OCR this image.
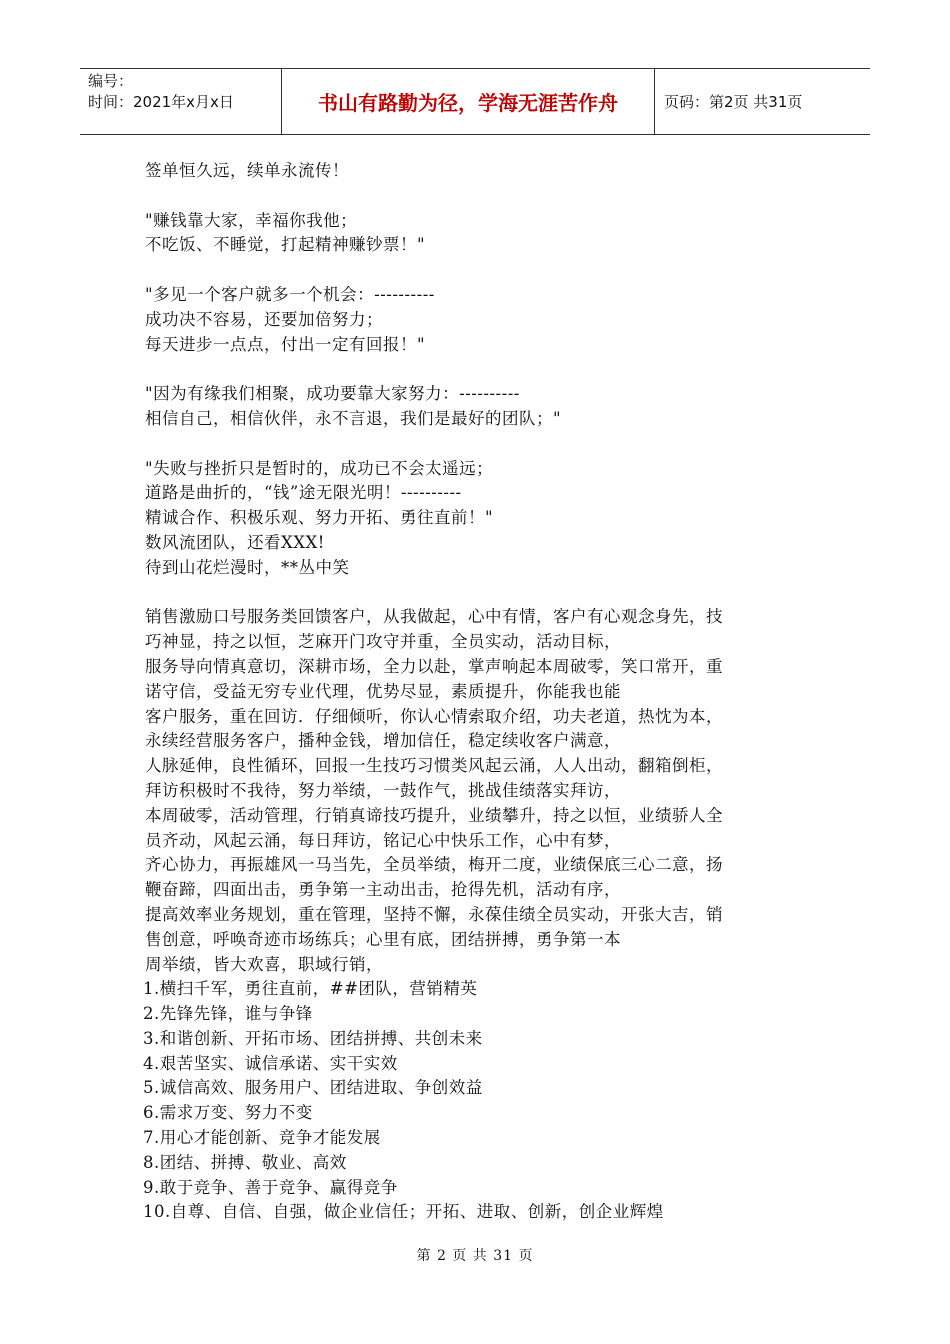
编号：
时间：2021年x月x日	书山有路勤为径，学海无涯苦作舟	页码：第2页 共31页

签单恒久远，续单永流传！

"赚钱靠大家，幸福你我他；

不吃饭、不睡觉，打起精神赚钞票！"

"多见一个客户就多一个机会：----------

成功决不容易，还要加倍努力；

每天进步一点点，付出一定有回报！"

"因为有缘我们相聚，成功要靠大家努力：----------

相信自己，相信伙伴，永不言退，我们是最好的团队；"

"失败与挫折只是暂时的，成功已不会太遥远；

道路是曲折的，“钱”途无限光明！----------

精诚合作、积极乐观、努力开拓、勇往直前！"

数风流团队，还看XXX!

待到山花烂漫时，**丛中笑

销售激励口号服务类回馈客户，从我做起，心中有情，客户有心观念身先，技

巧神显，持之以恒，芝麻开门攻守并重，全员实动，活动目标，

服务导向情真意切，深耕市场，全力以赴，掌声响起本周破零，笑口常开，重

诺守信，受益无穷专业代理，优势尽显，素质提升，你能我也能

客户服务，重在回访．仔细倾听，你认心情索取介绍，功夫老道，热忱为本，

永续经营服务客户，播种金钱，增加信任，稳定续收客户满意，

人脉延伸，良性循环，回报一生技巧习惯类风起云涌，人人出动，翻箱倒柜，

拜访积极时不我待，努力举绩，一鼓作气，挑战佳绩落实拜访，

本周破零，活动管理，行销真谛技巧提升，业绩攀升，持之以恒，业绩骄人全

员齐动，风起云涌，每日拜访，铭记心中快乐工作，心中有梦，

齐心协力，再振雄风一马当先，全员举绩，梅开二度，业绩保底三心二意，扬

鞭奋蹄，四面出击，勇争第一主动出击，抢得先机，活动有序，

提高效率业务规划，重在管理，坚持不懈，永葆佳绩全员实动，开张大吉，销

售创意，呼唤奇迹市场练兵；心里有底，团结拼搏，勇争第一本

周举绩，皆大欢喜，职域行销，

1.横扫千军，勇往直前，##团队，营销精英

2.先锋先锋，谁与争锋

3.和谐创新、开拓市场、团结拼搏、共创未来

4.艰苦坚实、诚信承诺、实干实效

5.诚信高效、服务用户、团结进取、争创效益

6.需求万变、努力不变

7.用心才能创新、竞争才能发展

8.团结、拼搏、敬业、高效

9.敢于竞争、善于竞争、赢得竞争

10.自尊、自信、自强，做企业信任；开拓、进取、创新，创企业辉煌

第 2 页 共 31 页
